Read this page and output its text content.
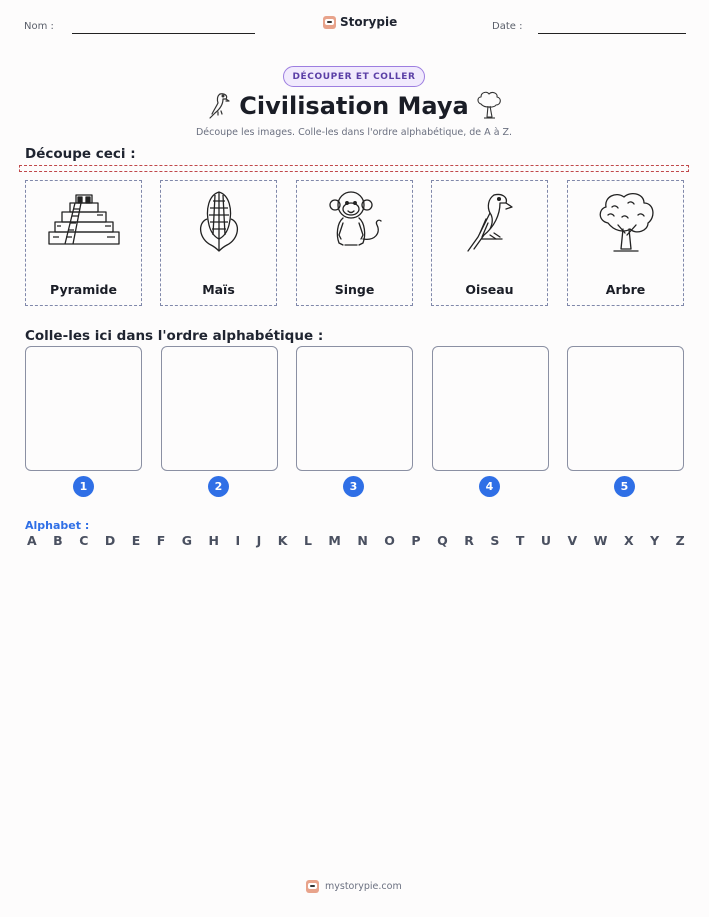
Nom :	Storypie	Date :
DÉCOUPER ET COLLER
Civilisation Maya
Découpe les images. Colle-les dans l'ordre alphabétique, de A à Z.
Découpe ceci :
Pyramide	Maïs	Singe	Oiseau	Arbre
Colle-les ici dans l'ordre alphabétique :
1	2	3	4	5
Alphabet :
A B C D E F G H I J K L M N O P Q R S T U V W X Y Z
mystorypie.com
